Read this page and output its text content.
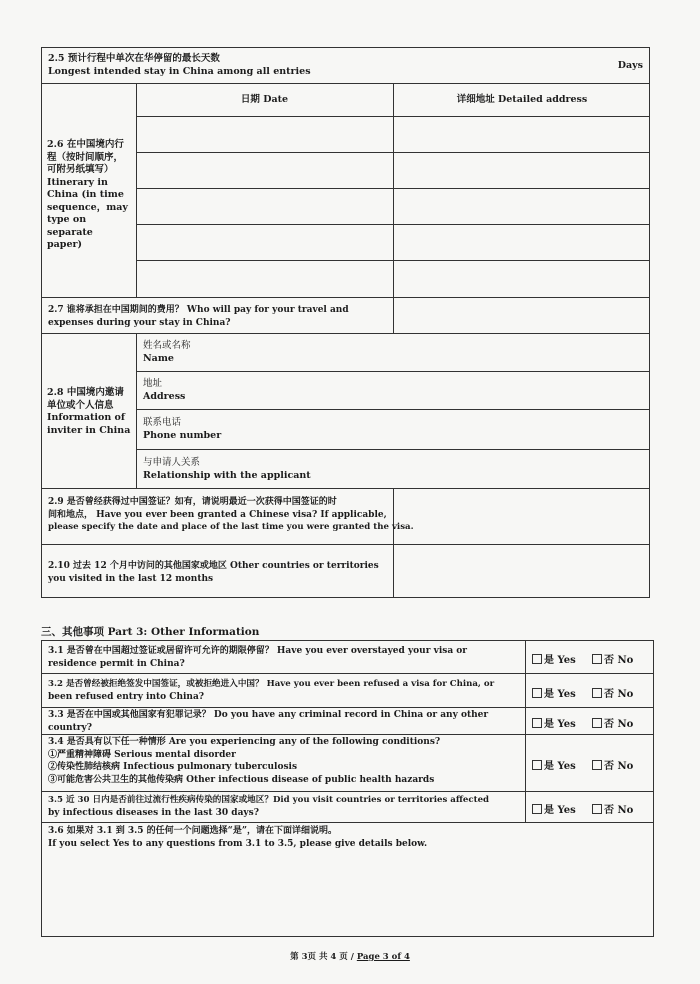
2.5 预计行程中单次在华停留的最长天数
Longest intended stay in China among all entries	Days
2.6 在中国境内行
程（按时间顺序，
可附另纸填写）
Itinerary in
China (in time
sequence，may
type on separate
paper)
日期 Date	详细地址 Detailed address
2.7 谁将承担在中国期间的费用？ Who will pay for your travel and
expenses during your stay in China?
2.8 中国境内邀请
单位或个人信息
Information of
inviter in China
姓名或名称
Name
地址
Address
联系电话
Phone number
与申请人关系
Relationship with the applicant
2.9 是否曾经获得过中国签证？如有，请说明最近一次获得中国签证的时
间和地点， Have you ever been granted a Chinese visa? If applicable,
please specify the date and place of the last time you were granted the visa.
2.10 过去 12 个月中访问的其他国家或地区 Other countries or territories
you visited in the last 12 months
三、其他事项 Part 3: Other Information
3.1 是否曾在中国超过签证或居留许可允许的期限停留？ Have you ever overstayed your visa or
residence permit in China?	是 Yes	否 No
3.2 是否曾经被拒绝签发中国签证，或被拒绝进入中国？ Have you ever been refused a visa for China, or
been refused entry into China?	是 Yes	否 No
3.3 是否在中国或其他国家有犯罪记录？ Do you have any criminal record in China or any other
country?	是 Yes	否 No
3.4 是否具有以下任一种情形 Are you experiencing any of the following conditions?
①严重精神障碍 Serious mental disorder
②传染性肺结核病 Infectious pulmonary tuberculosis
③可能危害公共卫生的其他传染病 Other infectious disease of public health hazards
是 Yes	否 No
3.5 近 30 日内是否前往过流行性疾病传染的国家或地区？Did you visit countries or territories affected
by infectious diseases in the last 30 days?	是 Yes	否 No
3.6 如果对 3.1 到 3.5 的任何一个问题选择“是”，请在下面详细说明。
If you select Yes to any questions from 3.1 to 3.5, please give details below.
第 3页 共 4 页 / Page 3 of 4
